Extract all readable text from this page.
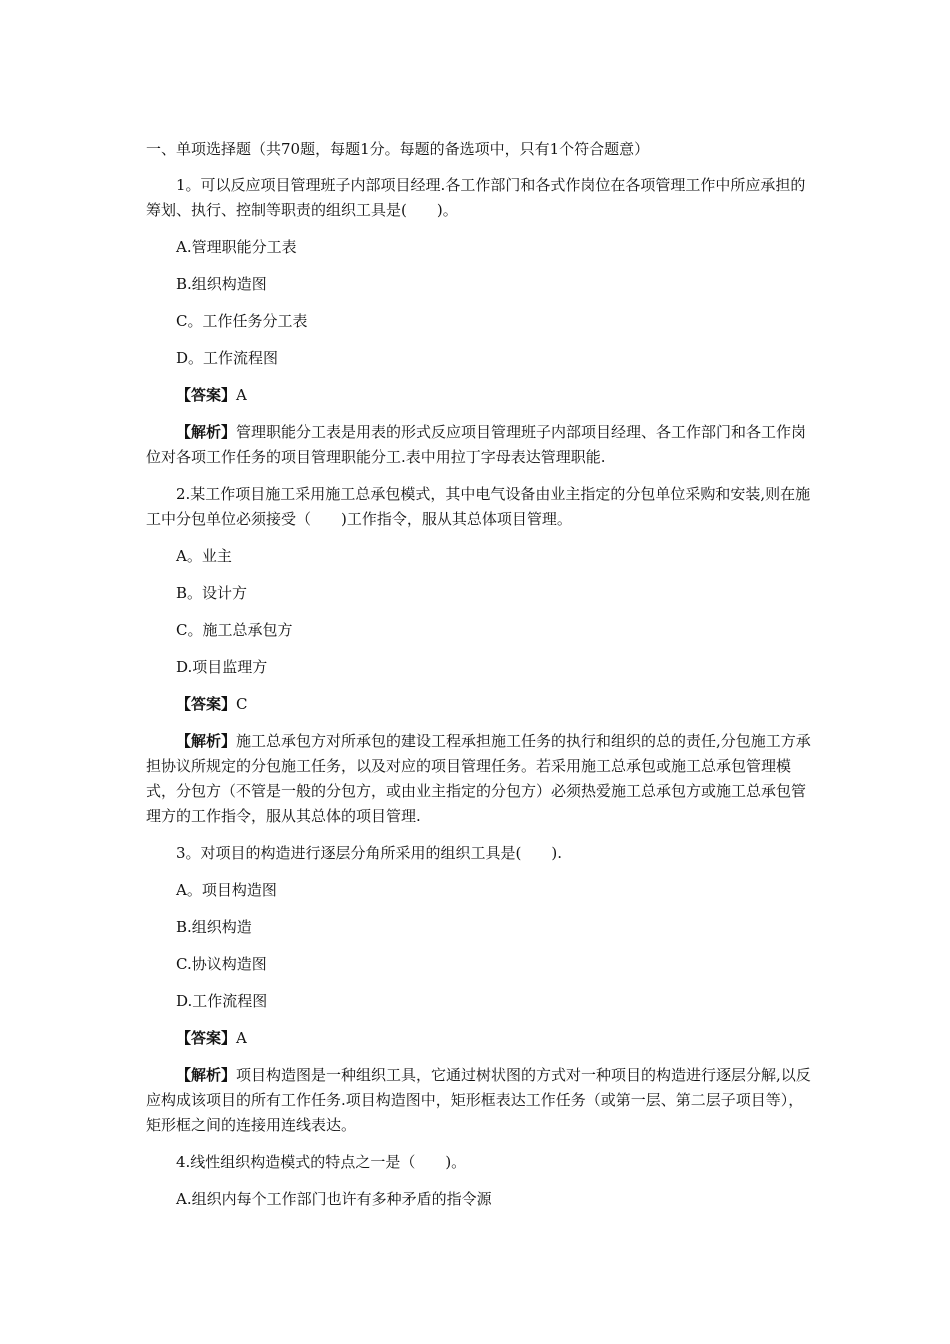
一、单项选择题（共70题，每题1分。每题的备选项中，只有1个符合题意）

1。可以反应项目管理班子内部项目经理.各工作部门和各式作岗位在各项管理工作中所应承担的筹划、执行、控制等职责的组织工具是(　　)。

A.管理职能分工表

B.组织构造图

C。工作任务分工表

D。工作流程图

【答案】A

【解析】管理职能分工表是用表的形式反应项目管理班子内部项目经理、各工作部门和各工作岗位对各项工作任务的项目管理职能分工.表中用拉丁字母表达管理职能.

2.某工作项目施工采用施工总承包模式，其中电气设备由业主指定的分包单位采购和安装,则在施工中分包单位必须接受（　　)工作指令，服从其总体项目管理。

A。业主

B。设计方

C。施工总承包方

D.项目监理方

【答案】C

【解析】施工总承包方对所承包的建设工程承担施工任务的执行和组织的总的责任,分包施工方承担协议所规定的分包施工任务，以及对应的项目管理任务。若采用施工总承包或施工总承包管理模式，分包方（不管是一般的分包方，或由业主指定的分包方）必须热爱施工总承包方或施工总承包管理方的工作指令，服从其总体的项目管理.

3。对项目的构造进行逐层分角所采用的组织工具是(　　).

A。项目构造图

B.组织构造

C.协议构造图

D.工作流程图

【答案】A

【解析】项目构造图是一种组织工具，它通过树状图的方式对一种项目的构造进行逐层分解,以反应构成该项目的所有工作任务.项目构造图中，矩形框表达工作任务（或第一层、第二层子项目等），矩形框之间的连接用连线表达。

4.线性组织构造模式的特点之一是（　　)。

A.组织内每个工作部门也许有多种矛盾的指令源
